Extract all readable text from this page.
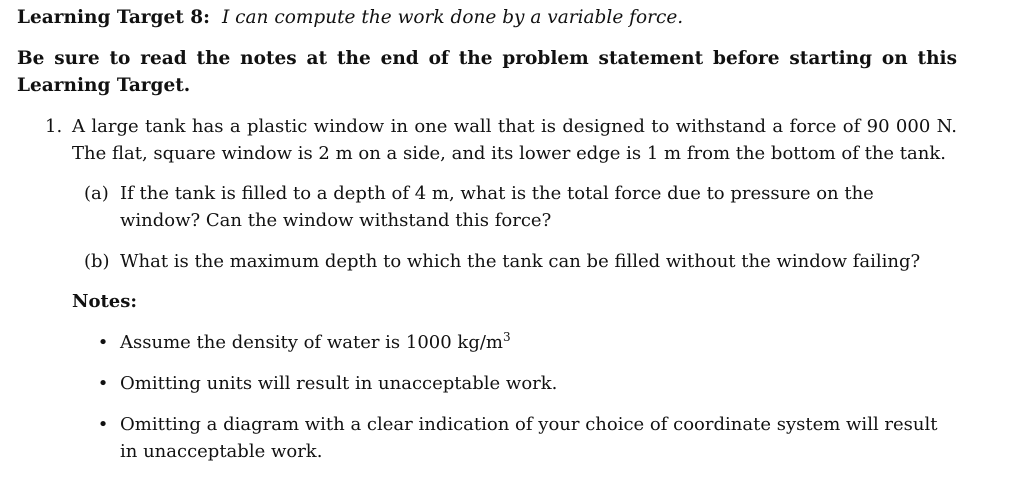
Learning Target 8: I can compute the work done by a variable force.
Be sure to read the notes at the end of the problem statement before starting on this Learning Target.
1. A large tank has a plastic window in one wall that is designed to withstand a force of 90 000 N. The flat, square window is 2 m on a side, and its lower edge is 1 m from the bottom of the tank.
(a) If the tank is filled to a depth of 4 m, what is the total force due to pressure on the window? Can the window withstand this force?
(b) What is the maximum depth to which the tank can be filled without the window failing?
Notes:
• Assume the density of water is 1000 $kg/m^3$
• Omitting units will result in unacceptable work.
• Omitting a diagram with a clear indication of your choice of coordinate system will result in unacceptable work.
